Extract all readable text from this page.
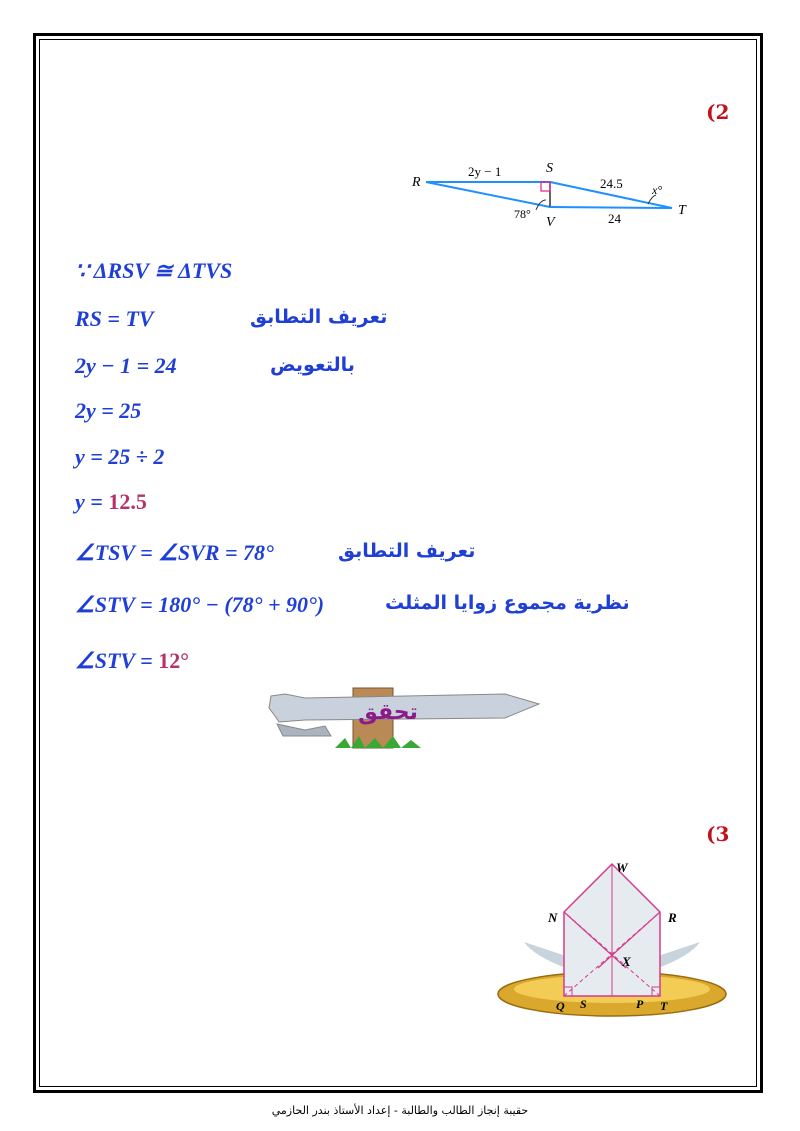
(2
R
S
V
T
2y − 1
24.5
24
78°
x°
∵ ΔRSV ≅ ΔTVS
RS = TV	تعريف التطابق
2y − 1 = 24	بالتعويض
2y = 25
y = 25 ÷ 2
y = 12.5
∠TSV = ∠SVR = 78°	تعريف التطابق
∠STV = 180° − (78° + 90°)	نظرية مجموع زوايا المثلث
∠STV = 12°
تحقق
(3
W
N	R
X
Q S	P T
حقيبة إنجاز الطالب والطالبة - إعداد الأستاذ بندر الحازمي
